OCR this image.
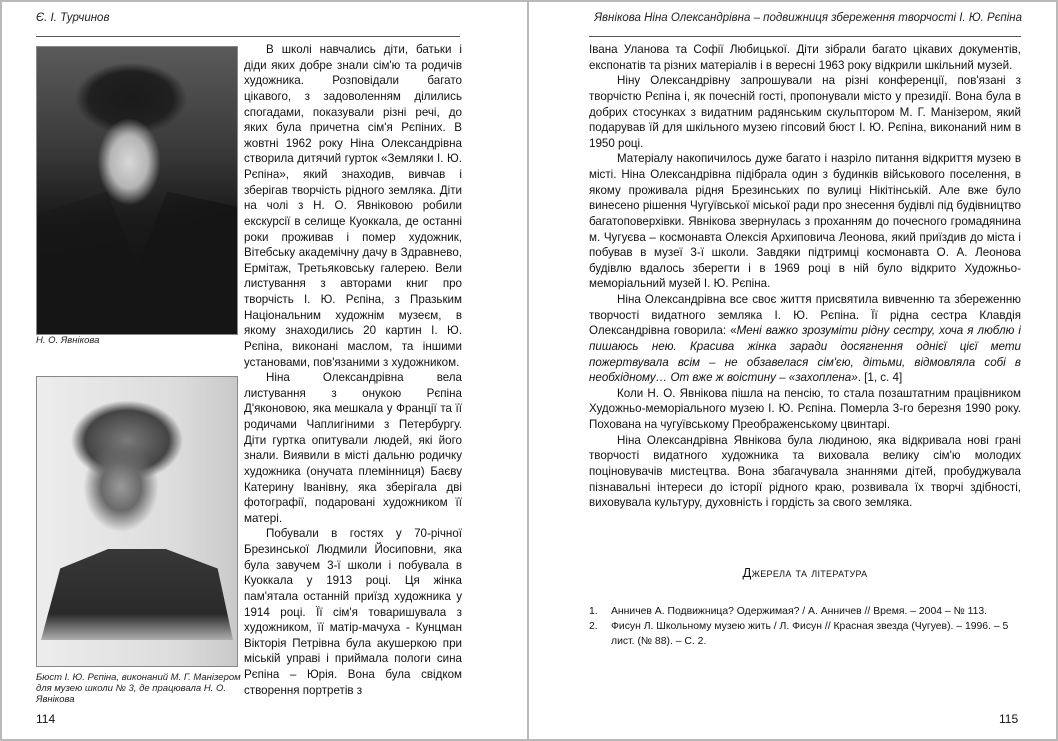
Є. І. Турчинов
Н. О. Явнікова
Бюст І. Ю. Рєпіна, виконаний М. Г. Манізером для музею школи № 3, де працювала Н. О. Явнікова

В школі навчались діти, батьки і діди яких добре знали сім'ю та родичів художника. Розповідали багато цікавого, з задоволенням ділились спогадами, показували різні речі, до яких була причетна сім'я Рєпіних. В жовтні 1962 року Ніна Олександрівна створила дитячий гурток «Земляки І. Ю. Рєпіна», який знаходив, вивчав і зберігав творчість рідного земляка. Діти на чолі з Н. О. Явніковою робили екскурсії в селище Куоккала, де останні роки проживав і помер художник, Вітебську академічну дачу в Здравнево, Ермітаж, Третьяковську галерею. Вели листування з авторами книг про творчість І. Ю. Рєпіна, з Празьким Національним художнім музеєм, в якому знаходились 20 картин І. Ю. Рєпіна, виконані маслом, та іншими установами, пов'язаними з художником.

Ніна Олександрівна вела листування з онукою Рєпіна Д'яконовою, яка мешкала у Франції та її родичами Чаплигіними з Петербургу. Діти гуртка опитували людей, які його знали. Виявили в місті дальню родичку художника (онучата племінниця) Баєву Катерину Іванівну, яка зберігала дві фотографії, подаровані художником її матері.

Побували в гостях у 70-річної Брезинської Людмили Йосиповни, яка була завучем 3-ї школи і побувала в Куоккала у 1913 році. Ця жінка пам'ятала останній приїзд художника у 1914 році. Її сім'я товаришувала з художником, її матір-мачуха - Кунцман Вікторія Петрівна була акушеркою при міській управі і приймала пологи сина Рєпіна – Юрія. Вона була свідком створення портретів з

114
Явнікова Ніна Олександрівна – подвижниця збереження творчості І. Ю. Рєпіна

Івана Уланова та Софії Любицької. Діти зібрали багато цікавих документів, експонатів та різних матеріалів і в вересні 1963 року відкрили шкільний музей.

Ніну Олександрівну запрошували на різні конференції, пов'язані з творчістю Рєпіна і, як почесній гості, пропонували місто у президії. Вона була в добрих стосунках з видатним радянським скульптором М. Г. Манізером, який подарував їй для шкільного музею гіпсовий бюст І. Ю. Рєпіна, виконаний ним в 1950 році.

Матеріалу накопичилось дуже багато і назріло питання відкриття музею в місті. Ніна Олександрівна підібрала один з будинків військового поселення, в якому проживала рідня Брезинських по вулиці Нікітінській. Але вже було винесено рішення Чугуївської міської ради про знесення будівлі під будівництво багатоповерхівки. Явнікова звернулась з проханням до почесного громадянина м. Чугуєва – космонавта Олексія Архиповича Леонова, який приїздив до міста і побував в музеї 3-ї школи. Завдяки підтримці космонавта О. А. Леонова будівлю вдалось зберегти і в 1969 році в ній було відкрито Художньо-меморіальний музей І. Ю. Рєпіна.

Ніна Олександрівна все своє життя присвятила вивченню та збереженню творчості видатного земляка І. Ю. Рєпіна. Її рідна сестра Клавдія Олександрівна говорила: «Мені важко зрозуміти рідну сестру, хоча я люблю і пишаюсь нею. Красива жінка заради досягнення однієї цієї мети пожертвувала всім – не обзавелася сім'єю, дітьми, відмовляла собі в необхідному… От вже ж воістину – «захоплена». [1, с. 4]

Коли Н. О. Явнікова пішла на пенсію, то стала позаштатним працівником Художньо-меморіального музею І. Ю. Рєпіна. Померла 3-го березня 1990 року. Похована на чугуївському Преображенському цвинтарі.

Ніна Олександрівна Явнікова була людиною, яка відкривала нові грані творчості видатного художника та виховала велику сім'ю молодих поціновувачів мистецтва. Вона збагачувала знаннями дітей, пробуджувала пізнавальні інтереси до історії рідного краю, розвивала їх творчі здібності, виховувала культуру, духовність і гордість за свого земляка.

Джерела та література
1.	Анничев А. Подвижница? Одержимая? / А. Анничев // Время. – 2004 – № 113.
2.	Фисун Л. Школьному музею жить / Л. Фисун // Красная звезда (Чугуев). – 1996. – 5 лист. (№ 88). – С. 2.
115
